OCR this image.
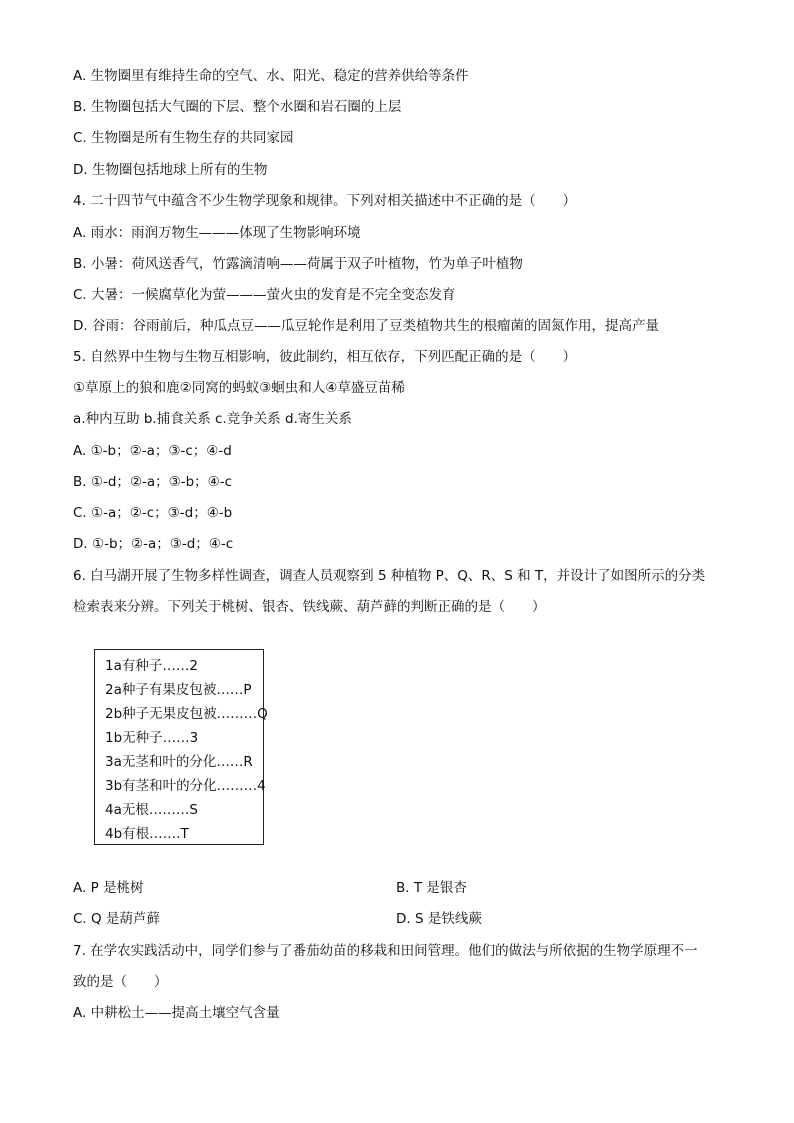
A. 生物圈里有维持生命的空气、水、阳光、稳定的营养供给等条件
B. 生物圈包括大气圈的下层、整个水圈和岩石圈的上层
C. 生物圈是所有生物生存的共同家园
D. 生物圈包括地球上所有的生物
4. 二十四节气中蕴含不少生物学现象和规律。下列对相关描述中不正确的是（　　）
A. 雨水：雨润万物生———体现了生物影响环境
B. 小暑：荷风送香气，竹露滴清响——荷属于双子叶植物，竹为单子叶植物
C. 大暑：一候腐草化为萤———萤火虫的发育是不完全变态发育
D. 谷雨：谷雨前后，种瓜点豆——瓜豆轮作是利用了豆类植物共生的根瘤菌的固氮作用，提高产量
5. 自然界中生物与生物互相影响，彼此制约，相互依存，下列匹配正确的是（　　）
①草原上的狼和鹿②同窝的蚂蚁③蛔虫和人④草盛豆苗稀
a.种内互助 b.捕食关系 c.竞争关系 d.寄生关系
A. ①-b；②-a；③-c；④-d
B. ①-d；②-a；③-b；④-c
C. ①-a；②-c；③-d；④-b
D. ①-b；②-a；③-d；④-c
6. 白马湖开展了生物多样性调查，调查人员观察到 5 种植物 P、Q、R、S 和 T，并设计了如图所示的分类
检索表来分辨。下列关于桃树、银杏、铁线蕨、葫芦藓的判断正确的是（　　）
1a有种子……2
2a种子有果皮包被……P
2b种子无果皮包被………Q
1b无种子……3
3a无茎和叶的分化……R
3b有茎和叶的分化………4
4a无根………S
4b有根…….T
A. P 是桃树	B. T 是银杏
C. Q 是葫芦藓	D. S 是铁线蕨
7. 在学农实践活动中，同学们参与了番茄幼苗的移栽和田间管理。他们的做法与所依据的生物学原理不一
致的是（　　）
A. 中耕松土——提高土壤空气含量
